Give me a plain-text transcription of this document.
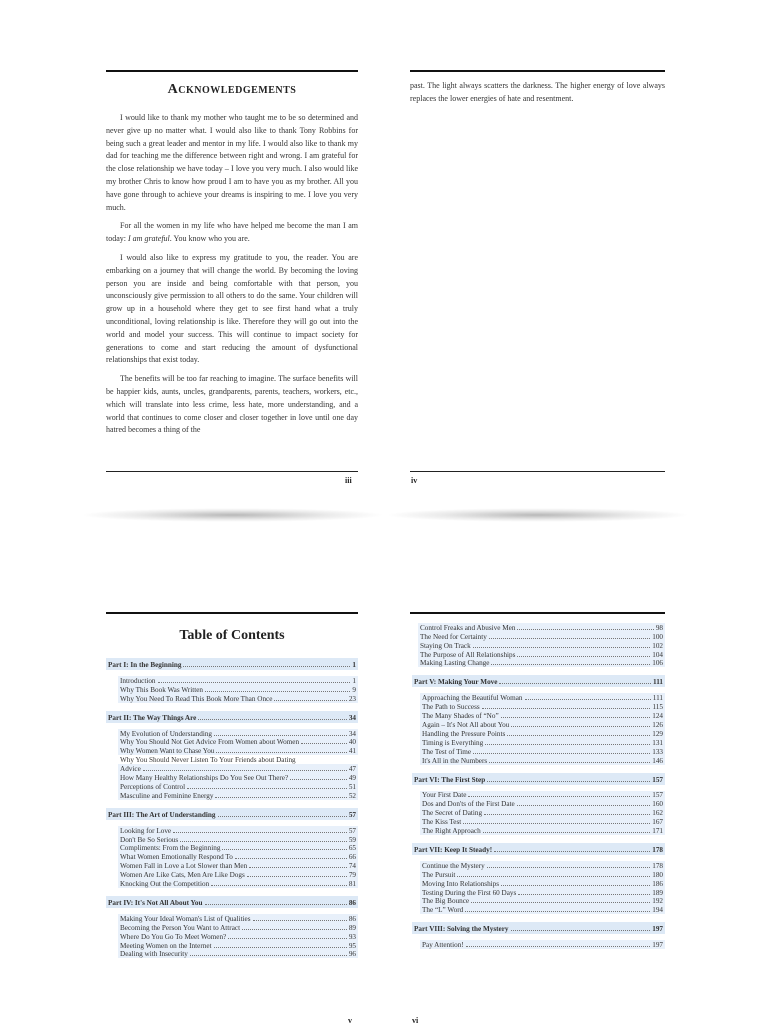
Acknowledgements

I would like to thank my mother who taught me to be so determined and never give up no matter what. I would also like to thank Tony Robbins for being such a great leader and mentor in my life. I would also like to thank my dad for teaching me the difference between right and wrong. I am grateful for the close relationship we have today – I love you very much. I also would like my brother Chris to know how proud I am to have you as my brother. All you have gone through to achieve your dreams is inspiring to me. I love you very much.

For all the women in my life who have helped me become the man I am today: I am grateful. You know who you are.

I would also like to express my gratitude to you, the reader. You are embarking on a journey that will change the world. By becoming the loving person you are inside and being comfortable with that person, you unconsciously give permission to all others to do the same. Your children will grow up in a household where they get to see first hand what a truly unconditional, loving relationship is like. Therefore they will go out into the world and model your success. This will continue to impact society for generations to come and start reducing the amount of dysfunctional relationships that exist today.

The benefits will be too far reaching to imagine. The surface benefits will be happier kids, aunts, uncles, grandparents, parents, teachers, workers, etc., which will translate into less crime, less hate, more understanding, and a world that continues to come closer and closer together in love until one day hatred becomes a thing of the

past. The light always scatters the darkness. The higher energy of love always replaces the lower energies of hate and resentment.
iii	iv
Table of Contents
Part I: In the Beginning	1
Introduction	1
Why This Book Was Written	9
Why You Need To Read This Book More Than Once	23
Part II: The Way Things Are	34
My Evolution of Understanding	34
Why You Should Not Get Advice From Women about Women	40
Why Women Want to Chase You	41
Why You Should Never Listen To Your Friends about Dating
Advice	47
How Many Healthy Relationships Do You See Out There?	49
Perceptions of Control	51
Masculine and Feminine Energy	52
Part III: The Art of Understanding	57
Looking for Love	57
Don't Be So Serious	59
Compliments: From the Beginning	65
What Women Emotionally Respond To	66
Women Fall in Love a Lot Slower than Men	74
Women Are Like Cats, Men Are Like Dogs	79
Knocking Out the Competition	81
Part IV: It's Not All About You	86
Making Your Ideal Woman's List of Qualities	86
Becoming the Person You Want to Attract	89
Where Do You Go To Meet Women?	93
Meeting Women on the Internet	95
Dealing with Insecurity	96
Control Freaks and Abusive Men	98
The Need for Certainty	100
Staying On Track	102
The Purpose of All Relationships	104
Making Lasting Change	106
Part V: Making Your Move	111
Approaching the Beautiful Woman	111
The Path to Success	115
The Many Shades of “No”	124
Again – It's Not All about You	126
Handling the Pressure Points	129
Timing is Everything	131
The Test of Time	133
It's All in the Numbers	146
Part VI: The First Step	157
Your First Date	157
Dos and Don'ts of the First Date	160
The Secret of Dating	162
The Kiss Test	167
The Right Approach	171
Part VII: Keep It Steady!	178
Continue the Mystery	178
The Pursuit	180
Moving Into Relationships	186
Testing During the First 60 Days	189
The Big Bounce	192
The “L” Word	194
Part VIII: Solving the Mystery	197
Pay Attention!	197
v	vi
